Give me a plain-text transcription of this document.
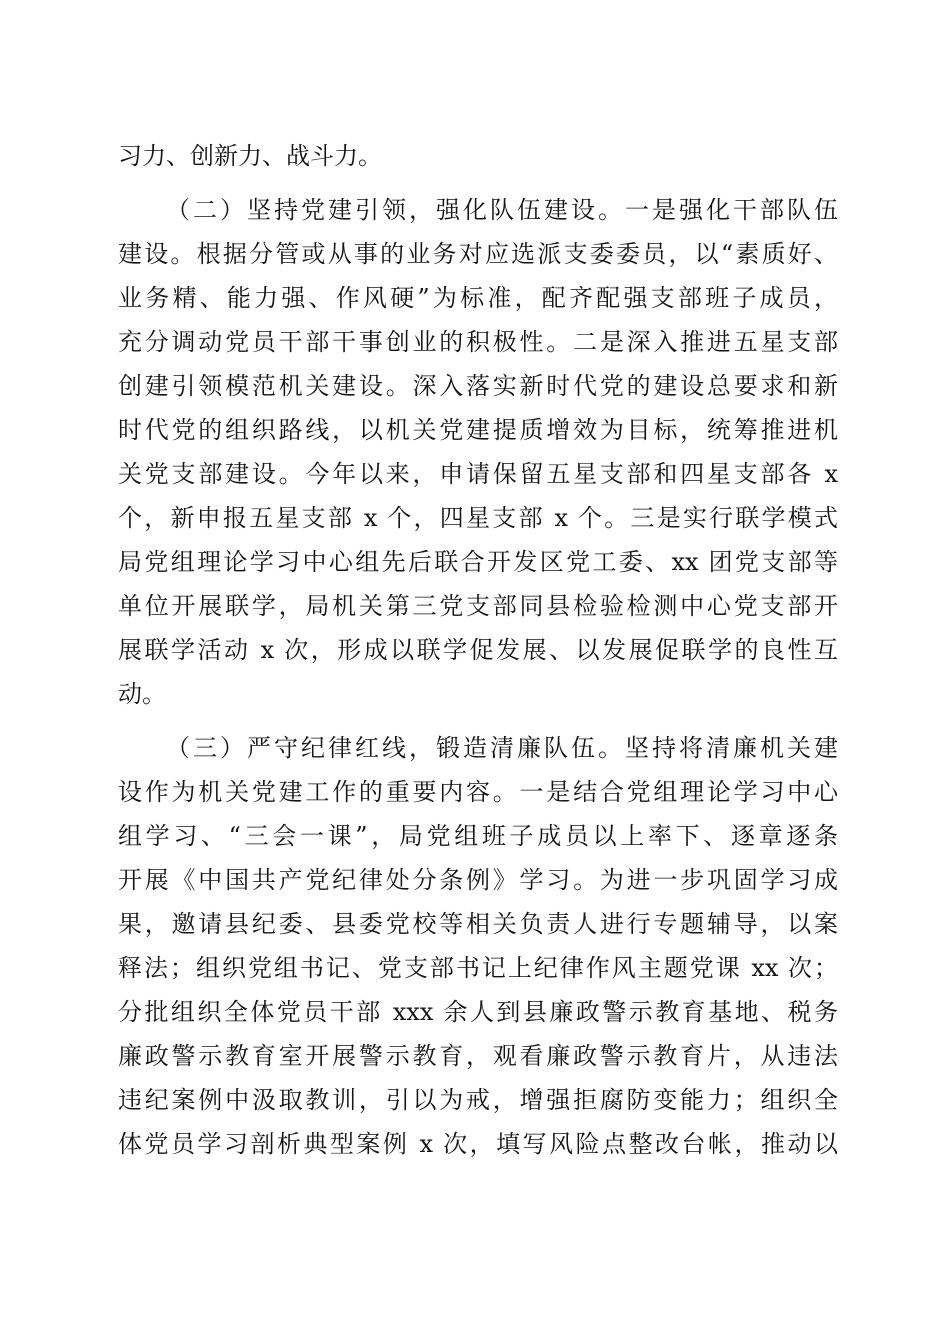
习力、创新力、战斗力。
（二）坚持党建引领，强化队伍建设。一是强化干部队伍
建设。根据分管或从事的业务对应选派支委委员，以“素质好、
业务精、能力强、作风硬”为标准，配齐配强支部班子成员，
充分调动党员干部干事创业的积极性。二是深入推进五星支部
创建引领模范机关建设。深入落实新时代党的建设总要求和新
时代党的组织路线，以机关党建提质增效为目标，统筹推进机
关党支部建设。今年以来，申请保留五星支部和四星支部各 x
个，新申报五星支部 x 个，四星支部 x 个。三是实行联学模式
局党组理论学习中心组先后联合开发区党工委、xx 团党支部等
单位开展联学，局机关第三党支部同县检验检测中心党支部开
展联学活动 x 次，形成以联学促发展、以发展促联学的良性互
动。
（三）严守纪律红线，锻造清廉队伍。坚持将清廉机关建
设作为机关党建工作的重要内容。一是结合党组理论学习中心
组学习、“三会一课”，局党组班子成员以上率下、逐章逐条
开展《中国共产党纪律处分条例》学习。为进一步巩固学习成
果，邀请县纪委、县委党校等相关负责人进行专题辅导，以案
释法；组织党组书记、党支部书记上纪律作风主题党课 xx 次；
分批组织全体党员干部 xxx 余人到县廉政警示教育基地、税务
廉政警示教育室开展警示教育，观看廉政警示教育片，从违法
违纪案例中汲取教训，引以为戒，增强拒腐防变能力；组织全
体党员学习剖析典型案例 x 次，填写风险点整改台帐，推动以
